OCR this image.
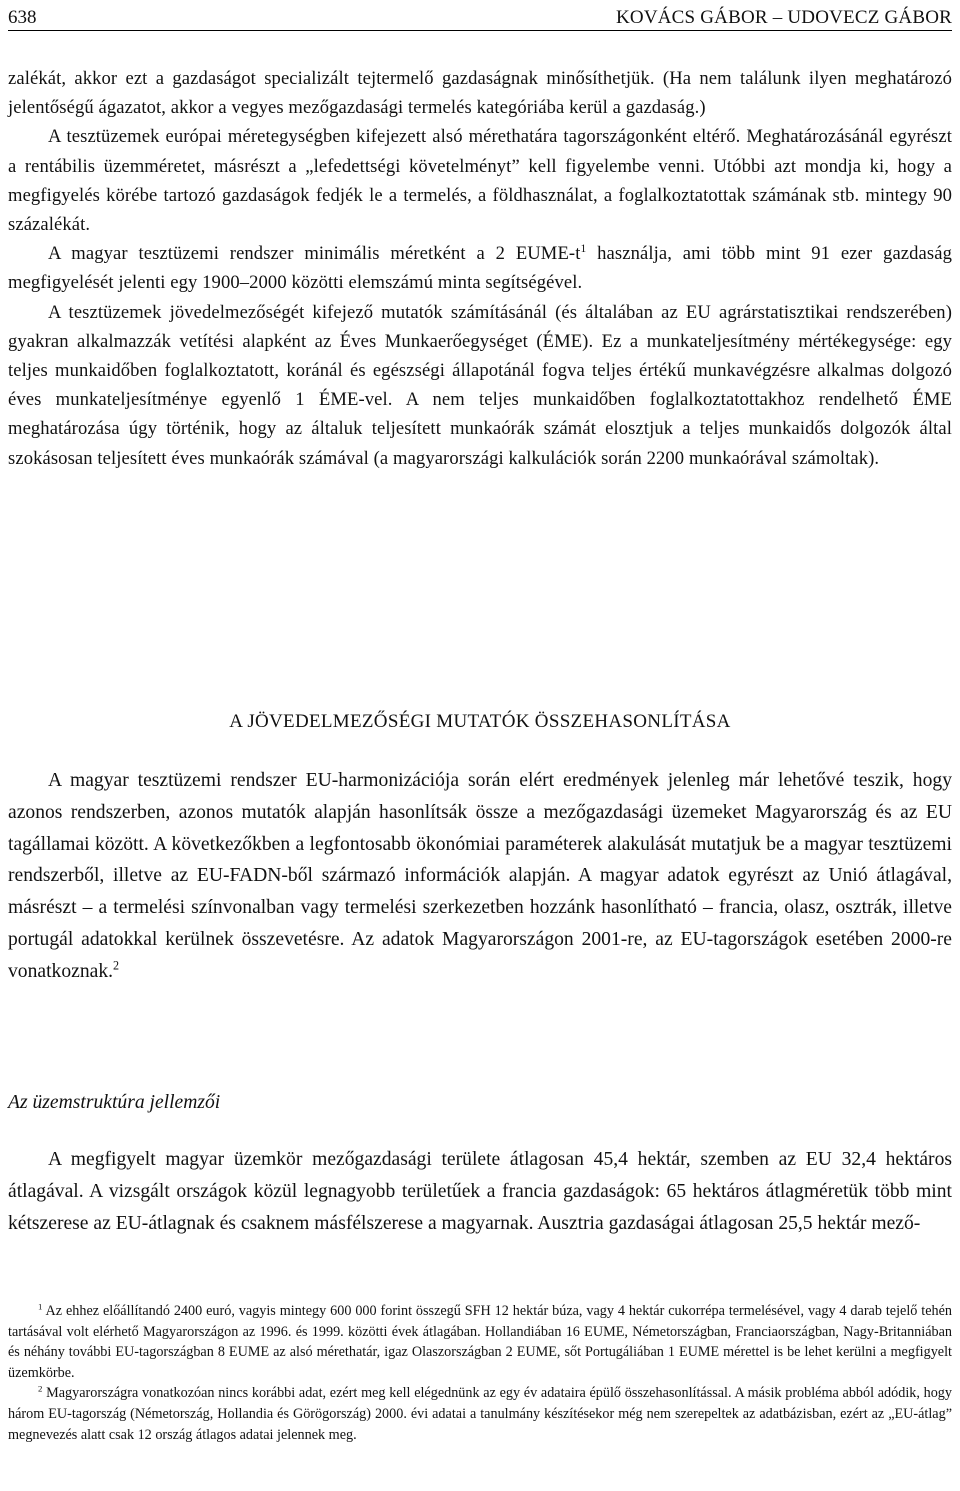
638	KOVÁCS GÁBOR – UDOVECZ GÁBOR

zalékát, akkor ezt a gazdaságot specializált tejtermelő gazdaságnak minősíthetjük. (Ha nem találunk ilyen meghatározó jelentőségű ágazatot, akkor a vegyes mezőgazdasági termelés kategóriába kerül a gazdaság.)

A tesztüzemek európai méretegységben kifejezett alsó mérethatára tagországonként eltérő. Meghatározásánál egyrészt a rentábilis üzemméretet, másrészt a „lefedettségi követelményt” kell figyelembe venni. Utóbbi azt mondja ki, hogy a megfigyelés körébe tartozó gazdaságok fedjék le a termelés, a földhasználat, a foglalkoztatottak számának stb. mintegy 90 százalékát.

A magyar tesztüzemi rendszer minimális méretként a 2 EUME-$t^1$ használja, ami több mint 91 ezer gazdaság megfigyelését jelenti egy 1900–2000 közötti elemszámú minta segítségével.

A tesztüzemek jövedelmezőségét kifejező mutatók számításánál (és általában az EU agrárstatisztikai rendszerében) gyakran alkalmazzák vetítési alapként az Éves Munkaerőegységet (ÉME). Ez a munkateljesítmény mértékegysége: egy teljes munkaidőben foglalkoztatott, koránál és egészségi állapotánál fogva teljes értékű munkavégzésre alkalmas dolgozó éves munkateljesítménye egyenlő 1 ÉME-vel. A nem teljes munkaidőben foglalkoztatottakhoz rendelhető ÉME meghatározása úgy történik, hogy az általuk teljesített munkaórák számát elosztjuk a teljes munkaidős dolgozók által szokásosan teljesített éves munkaórák számával (a magyarországi kalkulációk során 2200 munkaórával számoltak).

A JÖVEDELMEZŐSÉGI MUTATÓK ÖSSZEHASONLÍTÁSA

A magyar tesztüzemi rendszer EU-harmonizációja során elért eredmények jelenleg már lehetővé teszik, hogy azonos rendszerben, azonos mutatók alapján hasonlítsák össze a mezőgazdasági üzemeket Magyarország és az EU tagállamai között. A következőkben a legfontosabb ökonómiai paraméterek alakulását mutatjuk be a magyar tesztüzemi rendszerből, illetve az EU-FADN-ből származó információk alapján. A magyar adatok egyrészt az Unió átlagával, másrészt – a termelési színvonalban vagy termelési szerkezetben hozzánk hasonlítható – francia, olasz, osztrák, illetve portugál adatokkal kerülnek összevetésre. Az adatok Magyarországon 2001-re, az EU-tagországok esetében 2000-re vonatkoznak.$^2$

Az üzemstruktúra jellemzői

A megfigyelt magyar üzemkör mezőgazdasági területe átlagosan 45,4 hektár, szemben az EU 32,4 hektáros átlagával. A vizsgált országok közül legnagyobb területűek a francia gazdaságok: 65 hektáros átlagméretük több mint kétszerese az EU-átlagnak és csaknem másfélszerese a magyarnak. Ausztria gazdaságai átlagosan 25,5 hektár mező-

$^1$ Az ehhez előállítandó 2400 euró, vagyis mintegy 600 000 forint összegű SFH 12 hektár búza, vagy 4 hektár cukorrépa termelésével, vagy 4 darab tejelő tehén tartásával volt elérhető Magyarországon az 1996. és 1999. közötti évek átlagában. Hollandiában 16 EUME, Németországban, Franciaországban, Nagy-Britanniában és néhány további EU-tagországban 8 EUME az alsó mérethatár, igaz Olaszországban 2 EUME, sőt Portugáliában 1 EUME mérettel is be lehet kerülni a megfigyelt üzemkörbe.

$^2$ Magyarországra vonatkozóan nincs korábbi adat, ezért meg kell elégednünk az egy év adataira épülő összehasonlítással. A másik probléma abból adódik, hogy három EU-tagország (Németország, Hollandia és Görögország) 2000. évi adatai a tanulmány készítésekor még nem szerepeltek az adatbázisban, ezért az „EU-átlag” megnevezés alatt csak 12 ország átlagos adatai jelennek meg.
